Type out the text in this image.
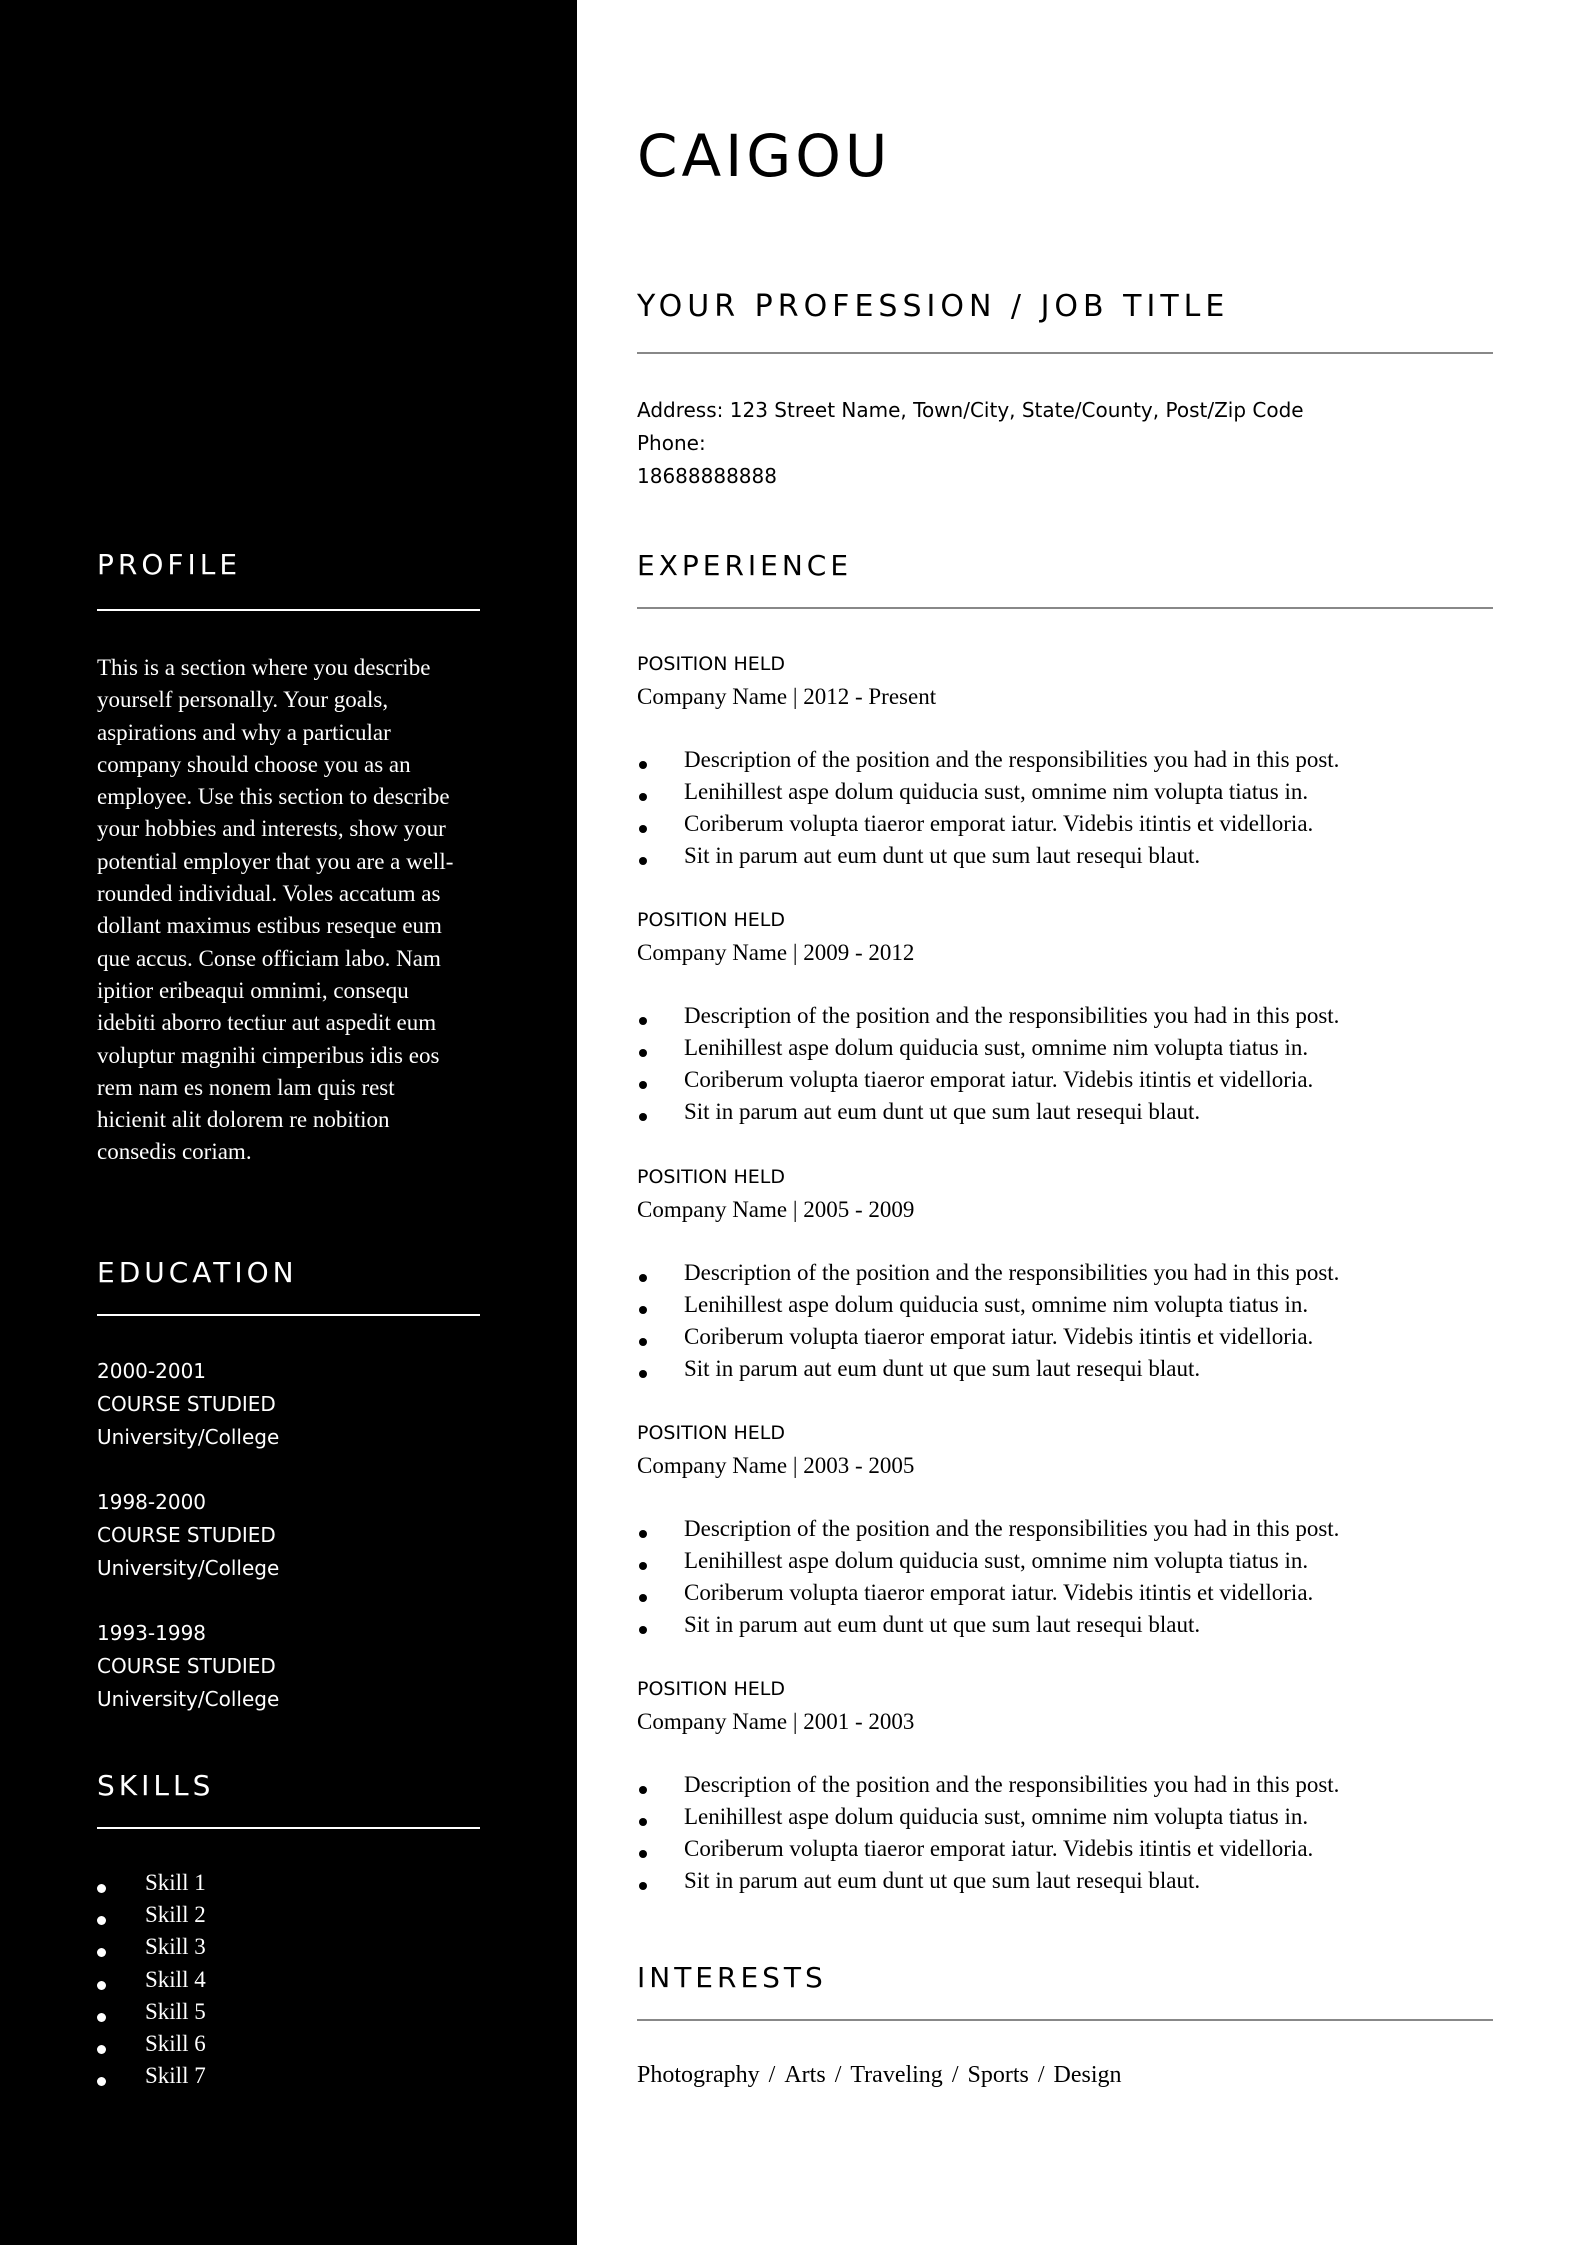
PROFILE
This is a section where you describe
yourself personally. Your goals,
aspirations and why a particular
company should choose you as an
employee. Use this section to describe
your hobbies and interests, show your
potential employer that you are a well-
rounded individual. Voles accatum as
dollant maximus estibus reseque eum
que accus. Conse officiam labo. Nam
ipitior eribeaqui omnimi, consequ
idebiti aborro tectiur aut aspedit eum
voluptur magnihi cimperibus idis eos
rem nam es nonem lam quis rest
hicienit alit dolorem re nobition
consedis coriam.
EDUCATION
2000-2001
COURSE STUDIED
University/College
1998-2000
COURSE STUDIED
University/College
1993-1998
COURSE STUDIED
University/College
SKILLS
Skill 1
Skill 2
Skill 3
Skill 4
Skill 5
Skill 6
Skill 7
CAIGOU
YOUR PROFESSION / JOB TITLE
Address: 123 Street Name, Town/City, State/County, Post/Zip Code
Phone:
18688888888
EXPERIENCE
POSITION HELD
Company Name | 2012 - Present
Description of the position and the responsibilities you had in this post.
Lenihillest aspe dolum quiducia sust, omnime nim volupta tiatus in.
Coriberum volupta tiaeror emporat iatur. Videbis itintis et videlloria.
Sit in parum aut eum dunt ut que sum laut resequi blaut.
POSITION HELD
Company Name | 2009 - 2012
Description of the position and the responsibilities you had in this post.
Lenihillest aspe dolum quiducia sust, omnime nim volupta tiatus in.
Coriberum volupta tiaeror emporat iatur. Videbis itintis et videlloria.
Sit in parum aut eum dunt ut que sum laut resequi blaut.
POSITION HELD
Company Name | 2005 - 2009
Description of the position and the responsibilities you had in this post.
Lenihillest aspe dolum quiducia sust, omnime nim volupta tiatus in.
Coriberum volupta tiaeror emporat iatur. Videbis itintis et videlloria.
Sit in parum aut eum dunt ut que sum laut resequi blaut.
POSITION HELD
Company Name | 2003 - 2005
Description of the position and the responsibilities you had in this post.
Lenihillest aspe dolum quiducia sust, omnime nim volupta tiatus in.
Coriberum volupta tiaeror emporat iatur. Videbis itintis et videlloria.
Sit in parum aut eum dunt ut que sum laut resequi blaut.
POSITION HELD
Company Name | 2001 - 2003
Description of the position and the responsibilities you had in this post.
Lenihillest aspe dolum quiducia sust, omnime nim volupta tiatus in.
Coriberum volupta tiaeror emporat iatur. Videbis itintis et videlloria.
Sit in parum aut eum dunt ut que sum laut resequi blaut.
INTERESTS
Photography / Arts / Traveling / Sports / Design
